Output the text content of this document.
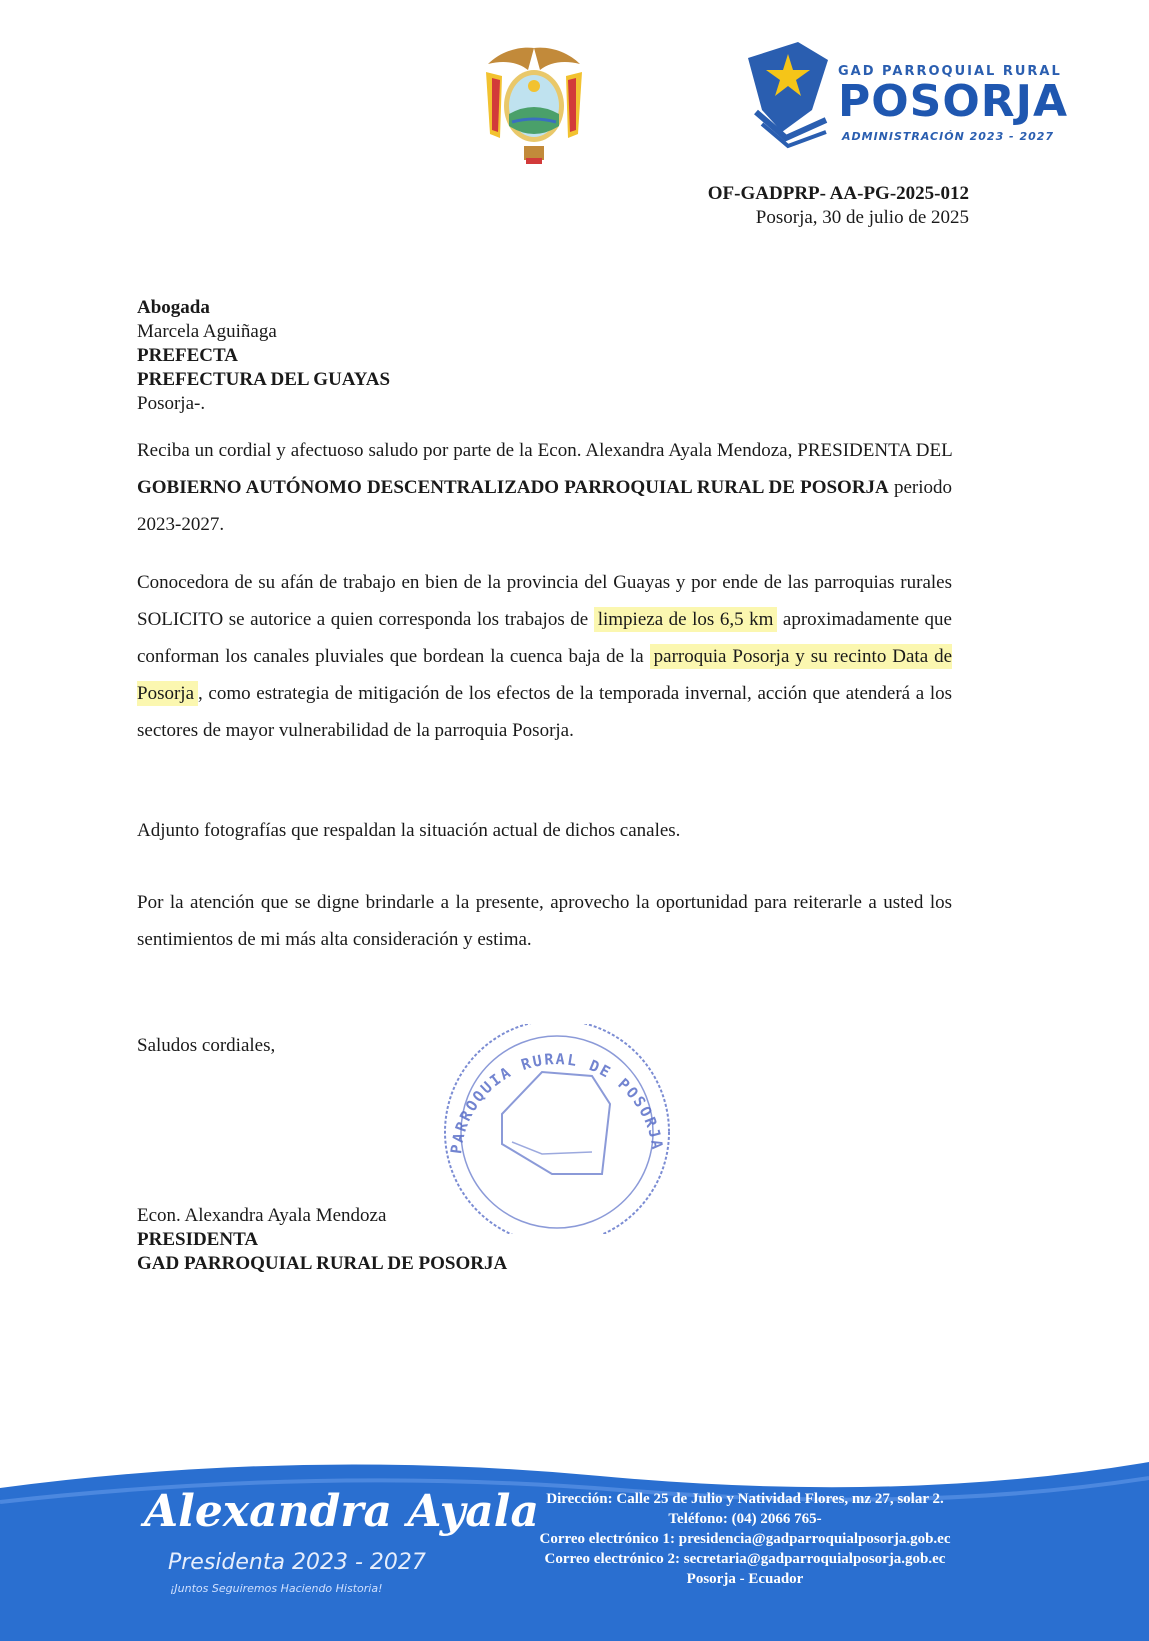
GAD PARROQUIAL RURAL
POSORJA
ADMINISTRACIÓN 2023 - 2027
OF-GADPRP- AA-PG-2025-012
Posorja, 30 de julio de 2025
Abogada
Marcela Aguiñaga
PREFECTA
PREFECTURA DEL GUAYAS
Posorja-.
Reciba un cordial y afectuoso saludo por parte de la Econ. Alexandra Ayala Mendoza, PRESIDENTA DEL GOBIERNO AUTÓNOMO DESCENTRALIZADO PARROQUIAL RURAL DE POSORJA periodo 2023-2027.
Conocedora de su afán de trabajo en bien de la provincia del Guayas y por ende de las parroquias rurales SOLICITO se autorice a quien corresponda los trabajos de limpieza de los 6,5 km aproximadamente que conforman los canales pluviales que bordean la cuenca baja de la parroquia Posorja y su recinto Data de Posorja , como estrategia de mitigación de los efectos de la temporada invernal, acción que atenderá a los sectores de mayor vulnerabilidad de la parroquia Posorja.
Adjunto fotografías que respaldan la situación actual de dichos canales.
Por la atención que se digne brindarle a la presente, aprovecho la oportunidad para reiterarle a usted los sentimientos de mi más alta consideración y estima.
Saludos cordiales,
PARROQUIA RURAL DE POSORJA
Econ. Alexandra Ayala Mendoza
PRESIDENTA
GAD PARROQUIAL RURAL DE POSORJA
Alexandra Ayala
Presidenta 2023 - 2027
¡Juntos Seguiremos Haciendo Historia!
Dirección: Calle 25 de Julio y Natividad Flores, mz 27, solar 2.
Teléfono: (04) 2066 765-
Correo electrónico 1: presidencia@gadparroquialposorja.gob.ec
Correo electrónico 2: secretaria@gadparroquialposorja.gob.ec
Posorja - Ecuador
